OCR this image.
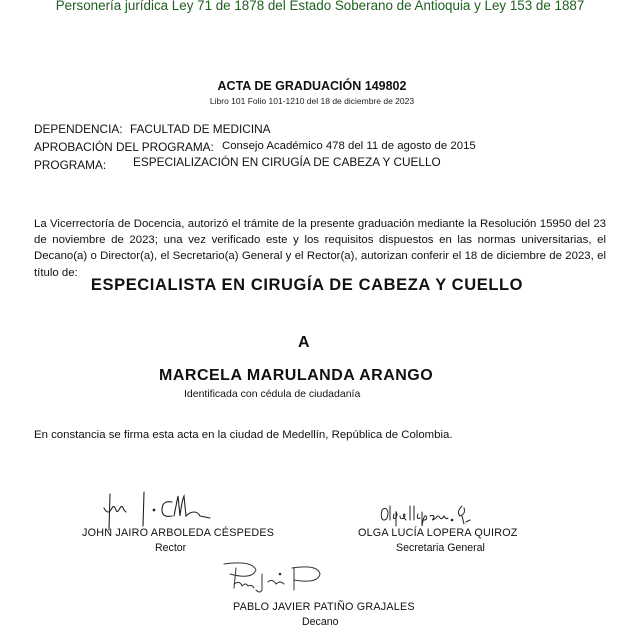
Personería jurídica Ley 71 de 1878 del Estado Soberano de Antioquia y Ley 153 de 1887
ACTA DE GRADUACIÓN 149802
Libro 101 Folio 101-1210 del 18 de diciembre de 2023
DEPENDENCIA: FACULTAD DE MEDICINA
APROBACIÓN DEL PROGRAMA: Consejo Académico 478 del 11 de agosto de 2015
PROGRAMA: ESPECIALIZACIÓN EN CIRUGÍA DE CABEZA Y CUELLO
La Vicerrectoría de Docencia, autorizó el trámite de la presente graduación mediante la Resolución 15950 del 23 de noviembre de 2023; una vez verificado este y los requisitos dispuestos en las normas universitarias, el Decano(a) o Director(a), el Secretario(a) General y el Rector(a), autorizan conferir el 18 de diciembre de 2023, el título de:
ESPECIALISTA EN CIRUGÍA DE CABEZA Y CUELLO
A
MARCELA MARULANDA ARANGO
Identificada con cédula de ciudadanía
En constancia se firma esta acta en la ciudad de Medellín, República de Colombia.
JOHN JAIRO ARBOLEDA CÉSPEDES
Rector
OLGA LUCÍA LOPERA QUIROZ
Secretaria General
PABLO JAVIER PATIÑO GRAJALES
Decano
